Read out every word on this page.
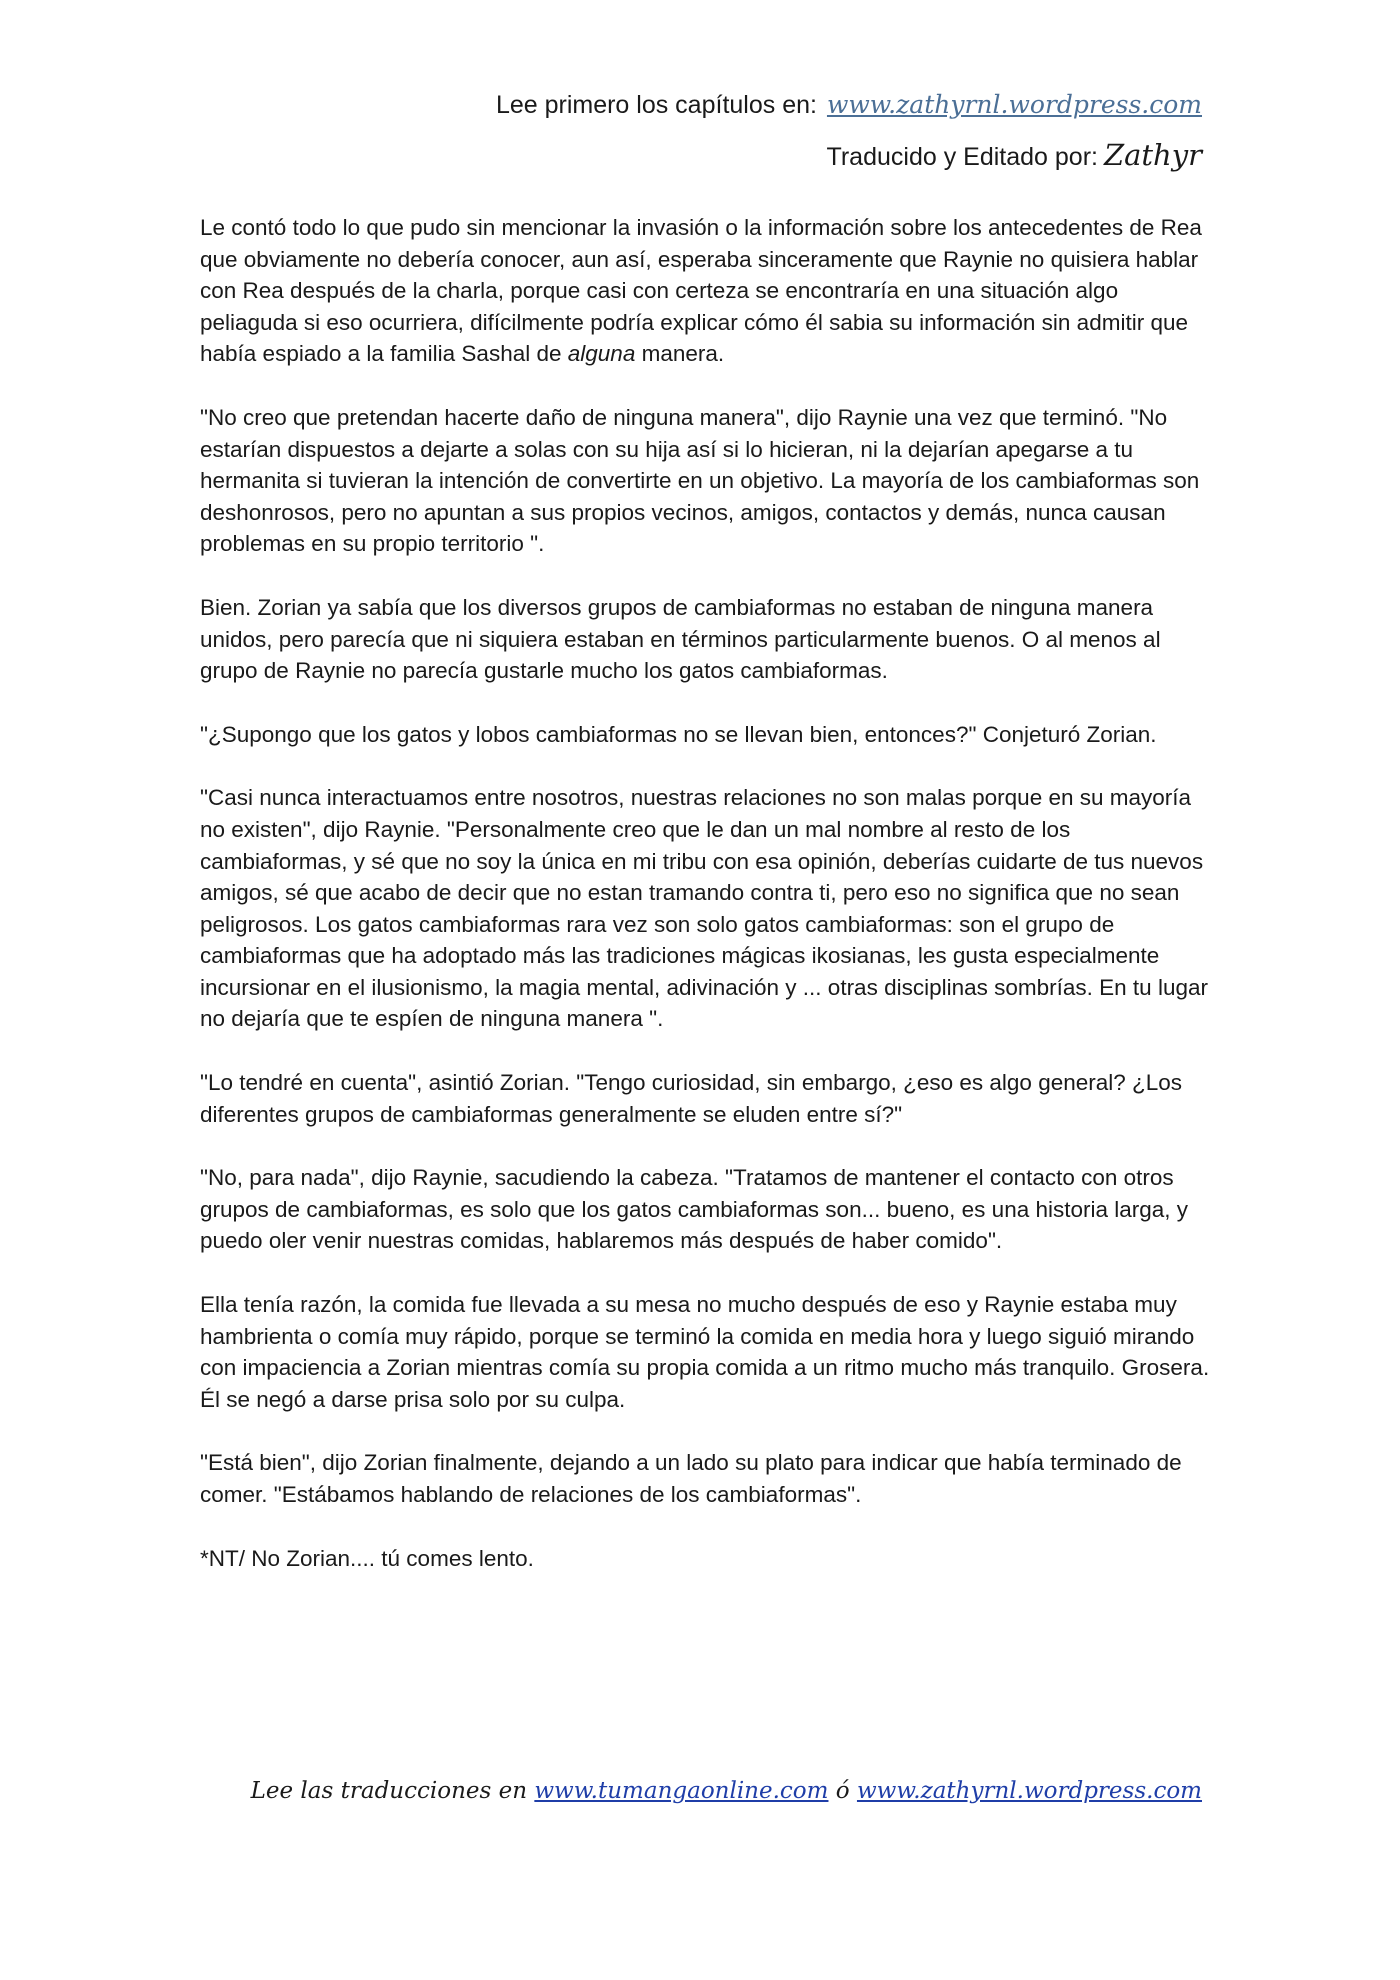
Lee primero los capítulos en: www.zathyrnl.wordpress.com
Traducido y Editado por: Zathyr

Le contó todo lo que pudo sin mencionar la invasión o la información sobre los antecedentes de Rea que obviamente no debería conocer, aun así, esperaba sinceramente que Raynie no quisiera hablar con Rea después de la charla, porque casi con certeza se encontraría en una situación algo peliaguda si eso ocurriera, difícilmente podría explicar cómo él sabia su información sin admitir que había espiado a la familia Sashal de alguna manera.

"No creo que pretendan hacerte daño de ninguna manera", dijo Raynie una vez que terminó. "No estarían dispuestos a dejarte a solas con su hija así si lo hicieran, ni la dejarían apegarse a tu hermanita si tuvieran la intención de convertirte en un objetivo. La mayoría de los cambiaformas son deshonrosos, pero no apuntan a sus propios vecinos, amigos, contactos y demás, nunca causan problemas en su propio territorio ".

Bien. Zorian ya sabía que los diversos grupos de cambiaformas no estaban de ninguna manera unidos, pero parecía que ni siquiera estaban en términos particularmente buenos. O al menos al grupo de Raynie no parecía gustarle mucho los gatos cambiaformas.

"¿Supongo que los gatos y lobos cambiaformas no se llevan bien, entonces?" Conjeturó Zorian.

"Casi nunca interactuamos entre nosotros, nuestras relaciones no son malas porque en su mayoría no existen", dijo Raynie. "Personalmente creo que le dan un mal nombre al resto de los cambiaformas, y sé que no soy la única en mi tribu con esa opinión, deberías cuidarte de tus nuevos amigos, sé que acabo de decir que no estan tramando contra ti, pero eso no significa que no sean peligrosos. Los gatos cambiaformas rara vez son solo gatos cambiaformas: son el grupo de cambiaformas que ha adoptado más las tradiciones mágicas ikosianas, les gusta especialmente incursionar en el ilusionismo, la magia mental, adivinación y ... otras disciplinas sombrías. En tu lugar no dejaría que te espíen de ninguna manera ".

"Lo tendré en cuenta", asintió Zorian. "Tengo curiosidad, sin embargo, ¿eso es algo general? ¿Los diferentes grupos de cambiaformas generalmente se eluden entre sí?"

"No, para nada", dijo Raynie, sacudiendo la cabeza. "Tratamos de mantener el contacto con otros grupos de cambiaformas, es solo que los gatos cambiaformas son... bueno, es una historia larga, y puedo oler venir nuestras comidas, hablaremos más después de haber comido".

Ella tenía razón, la comida fue llevada a su mesa no mucho después de eso y Raynie estaba muy hambrienta o comía muy rápido, porque se terminó la comida en media hora y luego siguió mirando con impaciencia a Zorian mientras comía su propia comida a un ritmo mucho más tranquilo. Grosera. Él se negó a darse prisa solo por su culpa.

"Está bien", dijo Zorian finalmente, dejando a un lado su plato para indicar que había terminado de comer. "Estábamos hablando de relaciones de los cambiaformas".

*NT/ No Zorian.... tú comes lento.

Lee las traducciones en www.tumangaonline.com ó www.zathyrnl.wordpress.com
